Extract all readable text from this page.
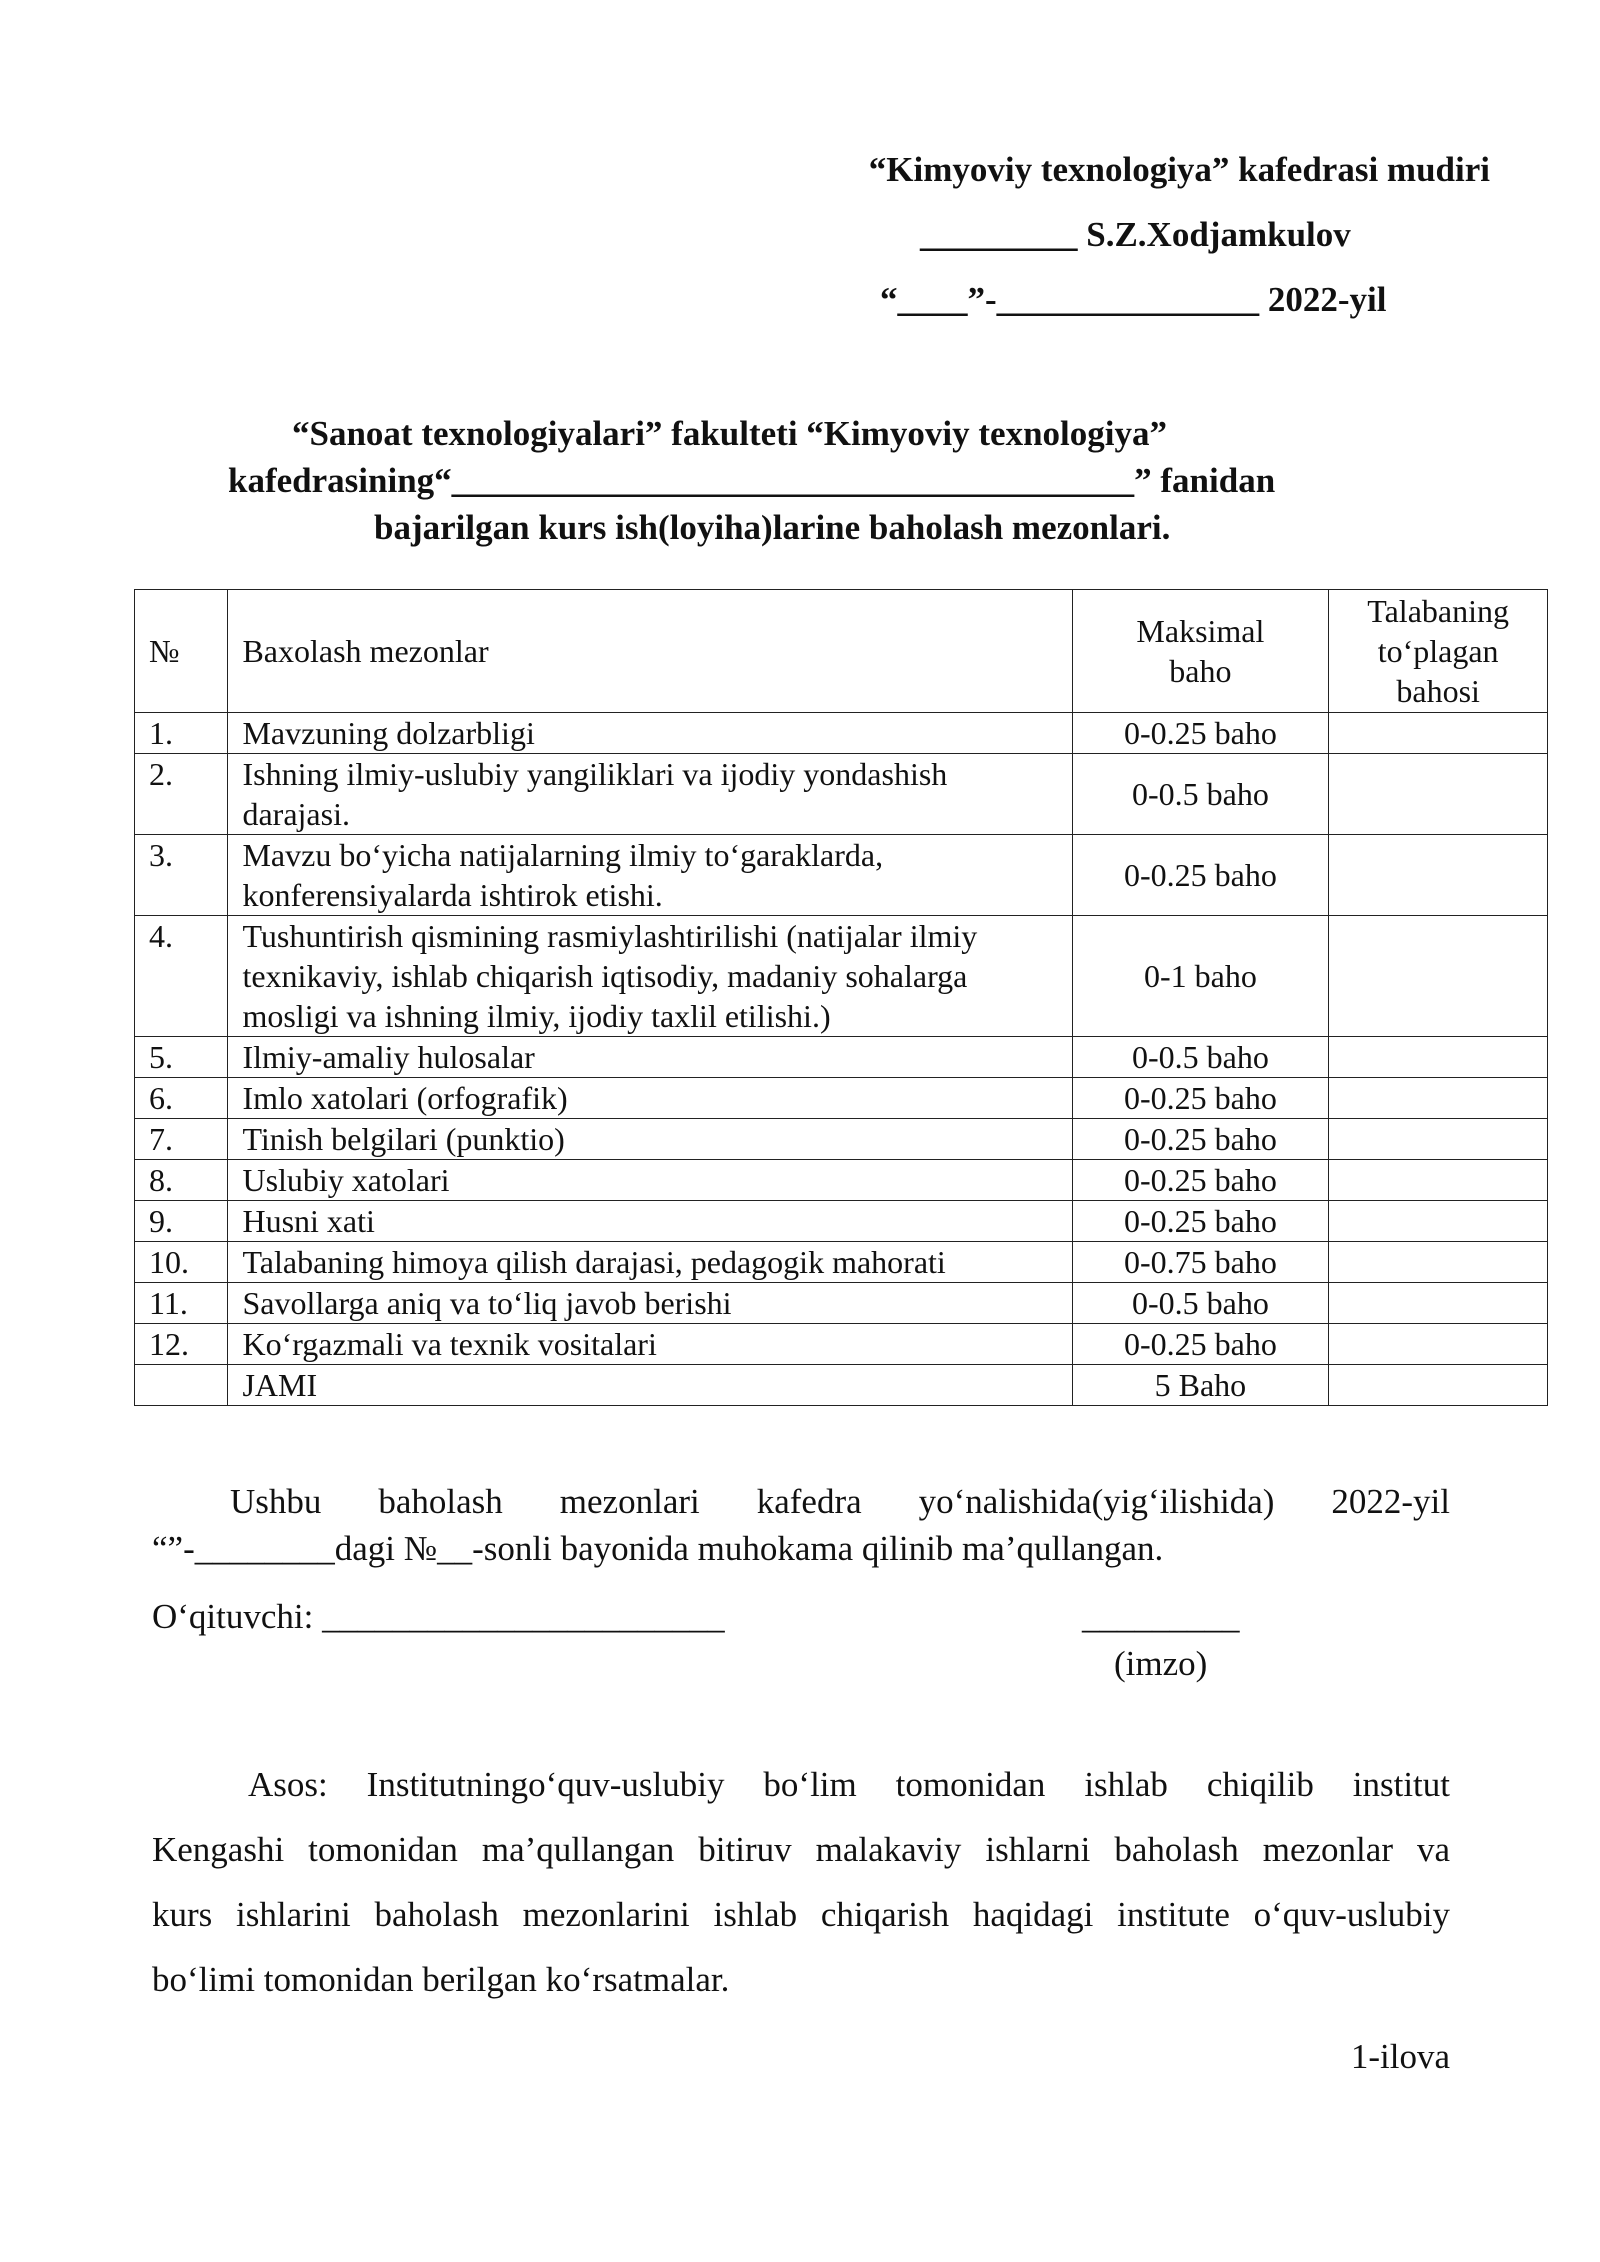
“Kimyoviy texnologiya” kafedrasi mudiri
_________ S.Z.Xodjamkulov
“____”-_______________ 2022-yil
“Sanoat texnologiyalari” fakulteti “Kimyoviy texnologiya”
kafedrasining“_______________________________________” fanidan
bajarilgan kurs ish(loyiha)larine baholash mezonlari.
№	Baxolash mezonlar	Maksimal baho	Talabaning to‘plagan bahosi
1.	Mavzuning dolzarbligi	0-0.25 baho	
2.	Ishning ilmiy-uslubiy yangiliklari va ijodiy yondashish darajasi.	0-0.5 baho	
3.	Mavzu bo‘yicha natijalarning ilmiy to‘garaklarda, konferensiyalarda ishtirok etishi.	0-0.25 baho	
4.	Tushuntirish qismining rasmiylashtirilishi (natijalar ilmiy texnikaviy, ishlab chiqarish iqtisodiy, madaniy sohalarga mosligi va ishning ilmiy, ijodiy taxlil etilishi.)	0-1 baho	
5.	Ilmiy-amaliy hulosalar	0-0.5 baho	
6.	Imlo xatolari (orfografik)	0-0.25 baho	
7.	Tinish belgilari (punktio)	0-0.25 baho	
8.	Uslubiy xatolari	0-0.25 baho	
9.	Husni xati	0-0.25 baho	
10.	Talabaning himoya qilish darajasi, pedagogik mahorati	0-0.75 baho	
11.	Savollarga aniq va to‘liq javob berishi	0-0.5 baho	
12.	Ko‘rgazmali va texnik vositalari	0-0.25 baho	
	JAMI	5 Baho	
Ushbu baholash mezonlari kafedra yo‘nalishida(yig‘ilishida) 2022-yil
“”-________dagi №__-sonli bayonida muhokama qilinib ma’qullangan.
O‘qituvchi: _______________________	_________
(imzo)
Asos: Institutningo‘quv-uslubiy bo‘lim tomonidan ishlab chiqilib institut
Kengashi tomonidan ma’qullangan bitiruv malakaviy ishlarni baholash mezonlar va
kurs ishlarini baholash mezonlarini ishlab chiqarish haqidagi institute o‘quv-uslubiy
bo‘limi tomonidan berilgan ko‘rsatmalar.
1-ilova
